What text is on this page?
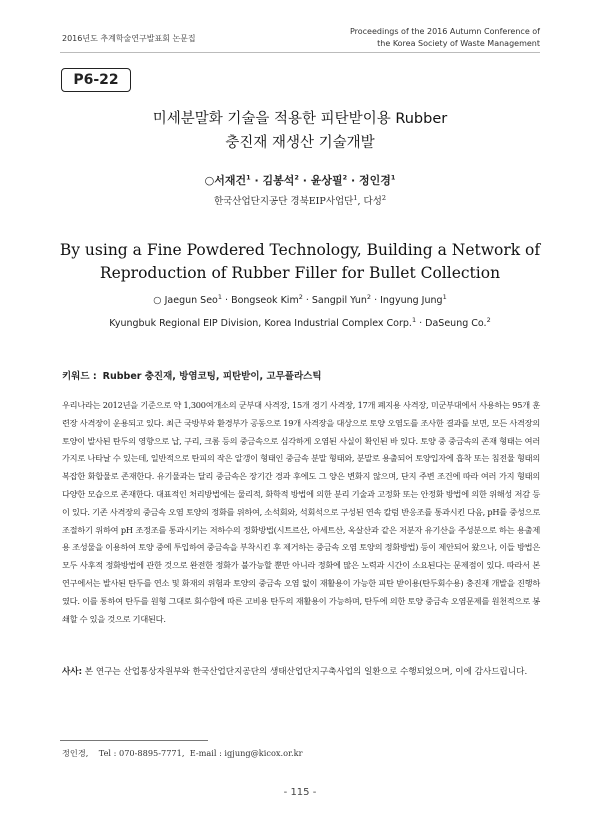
2016년도 추계학술연구발표회 논문집
Proceedings of the 2016 Autumn Conference of
the Korea Society of Waste Management
P6-22
미세분말화 기술을 적용한 피탄받이용 Rubber
충진재 재생산 기술개발
○서재건$^1$ · 김봉석$^2$ · 윤상필$^2$ · 정인경$^1$
한국산업단지공단 경북EIP사업단$^1$, 다성$^2$
By using a Fine Powdered Technology, Building a Network of
Reproduction of Rubber Filler for Bullet Collection
○ Jaegun Seo$^1$ · Bongseok Kim$^2$ · Sangpil Yun$^2$ · Ingyung Jung$^1$
Kyungbuk Regional EIP Division, Korea Industrial Complex Corp.$^1$ · DaSeung Co.$^2$
키워드 : Rubber 충진재, 방염코팅, 피탄받이, 고무플라스틱
우리나라는 2012년을 기준으로 약 1,300여개소의 군부대 사격장, 15개 경기 사격장, 17개 폐지용 사격장, 미군부대에서 사용하는 95개 훈련장 사격장이 운용되고 있다. 최근 국방부와 환경부가 공동으로 19개 사격장을 대상으로 토양 오염도를 조사한 결과를 보면, 모든 사격장의 토양이 발사된 탄두의 영향으로 납, 구리, 크롬 등의 중금속으로 심각하게 오염된 사실이 확인된 바 있다. 토양 중 중금속의 존재 형태는 여러 가지로 나타날 수 있는데, 일반적으로 탄피의 작은 알갱이 형태인 중금속 분말 형태와, 분말로 용출되어 토양입자에 흡착 또는 침전물 형태의 복잡한 화합물로 존재한다. 유기물과는 달리 중금속은 장기간 경과 후에도 그 양은 변화지 않으며, 단지 주변 조건에 따라 여러 가지 형태의 다양한 모습으로 존재한다. 대표적인 처리방법에는 물리적, 화학적 방법에 의한 분리 기술과 고정화 또는 안정화 방법에 의한 위해성 저감 등이 있다. 기존 사격장의 중금속 오염 토양의 정화를 위하여, 소석회와, 석회석으로 구성된 연속 칼럼 반응조를 통과시킨 다음, pH를 중성으로 조절하기 위하여 pH 조정조를 통과시키는 저하수의 정화방법(시트르산, 아세트산, 옥살산과 같은 저분자 유기산을 주성분으로 하는 용출제용 조성물을 이용하여 토양 중에 투입하여 중금속을 부착시킨 후 제거하는 중금속 오염 토양의 정화방법) 등이 제안되어 왔으나, 이들 방법은 모두 사후적 정화방법에 관한 것으로 완전한 정화가 불가능할 뿐만 아니라 정화에 많은 노력과 시간이 소요된다는 문제점이 있다. 따라서 본 연구에서는 발사된 탄두를 연소 및 화재의 위험과 토양의 중금속 오염 없이 재활용이 가능한 피탄 받이용(탄두회수용) 충진재 개발을 진행하였다. 이를 통하여 탄두를 원형 그대로 회수함에 따른 고비용 탄두의 재활용이 가능하며, 탄두에 의한 토양 중금속 오염문제를 원천적으로 봉쇄할 수 있을 것으로 기대된다.
사사: 본 연구는 산업통상자원부와 한국산업단지공단의 생태산업단지구축사업의 일환으로 수행되었으며, 이에 감사드립니다.
정인경, Tel : 070-8895-7771, E-mail : igjung@kicox.or.kr
- 115 -
